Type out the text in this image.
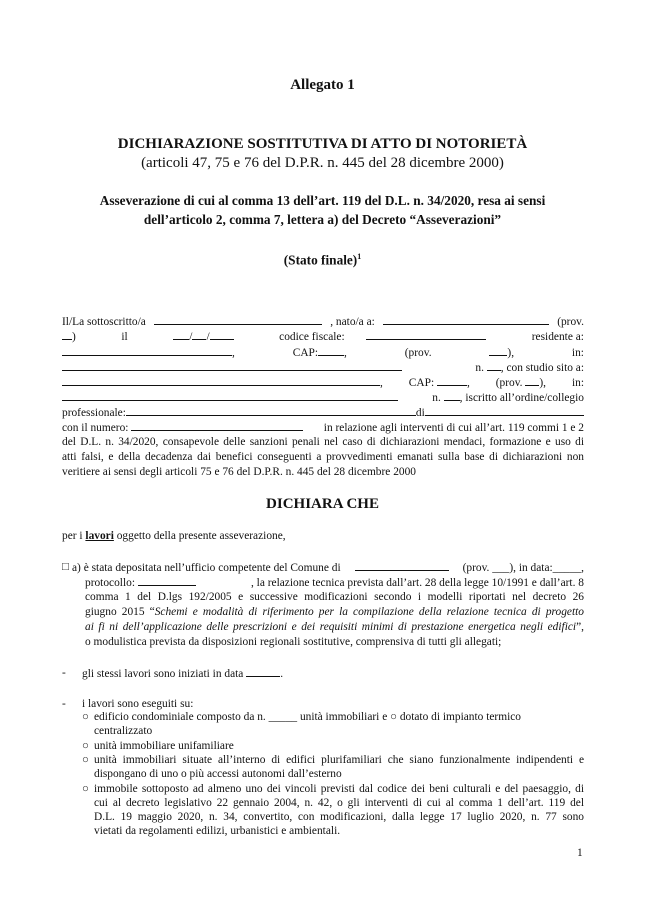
Allegato 1
DICHIARAZIONE SOSTITUTIVA DI ATTO DI NOTORIETÀ
(articoli 47, 75 e 76 del D.P.R. n. 445 del 28 dicembre 2000)
Asseverazione di cui al comma 13 dell’art. 119 del D.L. n. 34/2020, resa ai sensi
dell’articolo 2, comma 7, lettera a) del Decreto “Asseverazioni”
(Stato finale)$^1$
Il/La sottoscritto/a	, nato/a a:	(prov.
)	il	/ /	codice fiscale:	residente a:
,	CAP: ,	(prov.	),	in:
n. , con studio sito a:
, CAP:	, (prov. ), in:
n. , iscritto all’ordine/collegio
professionale:	di
con il numero:	in relazione agli interventi di cui all’art. 119 commi 1 e 2
del D.L. n. 34/2020, consapevole delle sanzioni penali nel caso di dichiarazioni mendaci, formazione e uso di
atti falsi, e della decadenza dai benefici conseguenti a provvedimenti emanati sulla base di dichiarazioni non
veritiere ai sensi degli articoli 75 e 76 del D.P.R. n. 445 del 28 dicembre 2000
DICHIARA CHE
per i lavori oggetto della presente asseverazione,
□ a) è stata depositata nell’ufficio competente del Comune di	(prov. ___), in data:_____,
protocollo:	, la relazione tecnica prevista dall’art. 28 della legge 10/1991 e dall’art. 8
comma 1 del D.lgs 192/2005 e successive modificazioni secondo i modelli riportati nel decreto 26
giugno 2015 “Schemi e modalità di riferimento per la compilazione della relazione tecnica di progetto
ai fi ni dell’applicazione delle prescrizioni e dei requisiti minimi di prestazione energetica negli edifici”,
o modulistica prevista da disposizioni regionali sostitutive, comprensiva di tutti gli allegati;
- gli stessi lavori sono iniziati in data	.
- i lavori sono eseguiti su:
○ edificio condominiale composto da n. _____ unità immobiliari e ○ dotato di impianto termico
centralizzato
○ unità immobiliare unifamiliare
○ unità immobiliari situate all’interno di edifici plurifamiliari che siano funzionalmente indipendenti e
dispongano di uno o più accessi autonomi dall’esterno
○ immobile sottoposto ad almeno uno dei vincoli previsti dal codice dei beni culturali e del paesaggio, di
cui al decreto legislativo 22 gennaio 2004, n. 42, o gli interventi di cui al comma 1 dell’art. 119 del
D.L. 19 maggio 2020, n. 34, convertito, con modificazioni, dalla legge 17 luglio 2020, n. 77 sono
vietati da regolamenti edilizi, urbanistici e ambientali.
1
